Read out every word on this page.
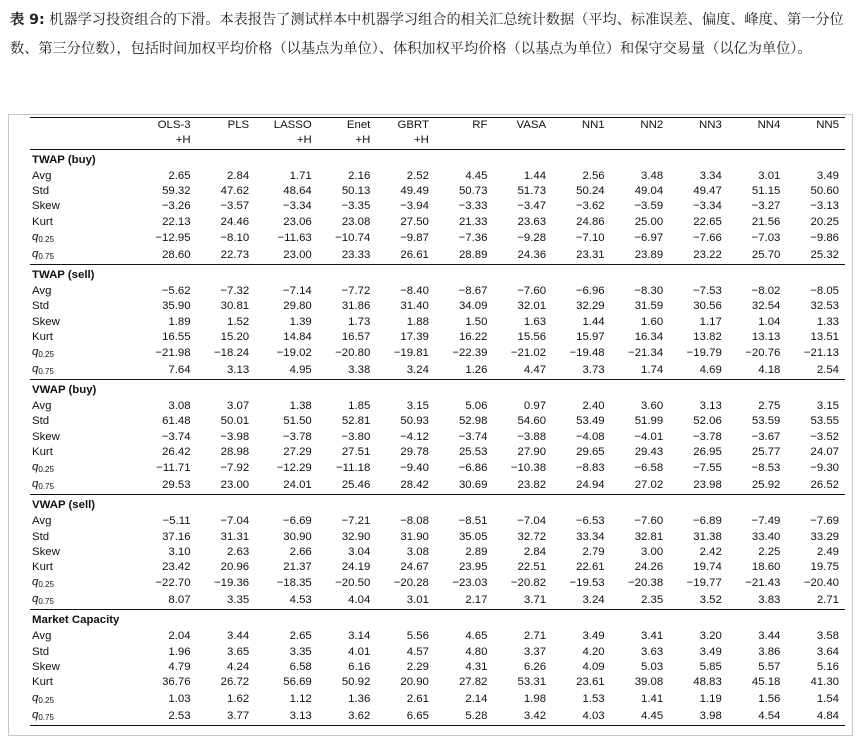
表 9: 机器学习投资组合的下滑。本表报告了测试样本中机器学习组合的相关汇总统计数据（平均、标准误差、偏度、峰度、第一分位数、第三分位数），包括时间加权平均价格（以基点为单位）、体积加权平均价格（以基点为单位）和保守交易量（以亿为单位）。
	OLS-3	PLS	LASSO	Enet	GBRT	RF	VASA	NN1	NN2	NN3	NN4	NN5
	+H		+H	+H	+H							
TWAP (buy)												
Avg	2.65	2.84	1.71	2.16	2.52	4.45	1.44	2.56	3.48	3.34	3.01	3.49
Std	59.32	47.62	48.64	50.13	49.49	50.73	51.73	50.24	49.04	49.47	51.15	50.60
Skew	−3.26	−3.57	−3.34	−3.35	−3.94	−3.33	−3.47	−3.62	−3.59	−3.34	−3.27	−3.13
Kurt	22.13	24.46	23.06	23.08	27.50	21.33	23.63	24.86	25.00	22.65	21.56	20.25
$q_{0.25}$	−12.95	−8.10	−11.63	−10.74	−9.87	−7.36	−9.28	−7.10	−6.97	−7.66	−7.03	−9.86
$q_{0.75}$	28.60	22.73	23.00	23.33	26.61	28.89	24.36	23.31	23.89	23.22	25.70	25.32
TWAP (sell)												
Avg	−5.62	−7.32	−7.14	−7.72	−8.40	−8.67	−7.60	−6.96	−8.30	−7.53	−8.02	−8.05
Std	35.90	30.81	29.80	31.86	31.40	34.09	32.01	32.29	31.59	30.56	32.54	32.53
Skew	1.89	1.52	1.39	1.73	1.88	1.50	1.63	1.44	1.60	1.17	1.04	1.33
Kurt	16.55	15.20	14.84	16.57	17.39	16.22	15.56	15.97	16.34	13.82	13.13	13.51
$q_{0.25}$	−21.98	−18.24	−19.02	−20.80	−19.81	−22.39	−21.02	−19.48	−21.34	−19.79	−20.76	−21.13
$q_{0.75}$	7.64	3.13	4.95	3.38	3.24	1.26	4.47	3.73	1.74	4.69	4.18	2.54
VWAP (buy)												
Avg	3.08	3.07	1.38	1.85	3.15	5.06	0.97	2.40	3.60	3.13	2.75	3.15
Std	61.48	50.01	51.50	52.81	50.93	52.98	54.60	53.49	51.99	52.06	53.59	53.55
Skew	−3.74	−3.98	−3.78	−3.80	−4.12	−3.74	−3.88	−4.08	−4.01	−3.78	−3.67	−3.52
Kurt	26.42	28.98	27.29	27.51	29.78	25.53	27.90	29.65	29.43	26.95	25.77	24.07
$q_{0.25}$	−11.71	−7.92	−12.29	−11.18	−9.40	−6.86	−10.38	−8.83	−6.58	−7.55	−8.53	−9.30
$q_{0.75}$	29.53	23.00	24.01	25.46	28.42	30.69	23.82	24.94	27.02	23.98	25.92	26.52
VWAP (sell)												
Avg	−5.11	−7.04	−6.69	−7.21	−8.08	−8.51	−7.04	−6.53	−7.60	−6.89	−7.49	−7.69
Std	37.16	31.31	30.90	32.90	31.90	35.05	32.72	33.34	32.81	31.38	33.40	33.29
Skew	3.10	2.63	2.66	3.04	3.08	2.89	2.84	2.79	3.00	2.42	2.25	2.49
Kurt	23.42	20.96	21.37	24.19	24.67	23.95	22.51	22.61	24.26	19.74	18.60	19.75
$q_{0.25}$	−22.70	−19.36	−18.35	−20.50	−20.28	−23.03	−20.82	−19.53	−20.38	−19.77	−21.43	−20.40
$q_{0.75}$	8.07	3.35	4.53	4.04	3.01	2.17	3.71	3.24	2.35	3.52	3.83	2.71
Market Capacity												
Avg	2.04	3.44	2.65	3.14	5.56	4.65	2.71	3.49	3.41	3.20	3.44	3.58
Std	1.96	3.65	3.35	4.01	4.57	4.80	3.37	4.20	3.63	3.49	3.86	3.64
Skew	4.79	4.24	6.58	6.16	2.29	4.31	6.26	4.09	5.03	5.85	5.57	5.16
Kurt	36.76	26.72	56.69	50.92	20.90	27.82	53.31	23.61	39.08	48.83	45.18	41.30
$q_{0.25}$	1.03	1.62	1.12	1.36	2.61	2.14	1.98	1.53	1.41	1.19	1.56	1.54
$q_{0.75}$	2.53	3.77	3.13	3.62	6.65	5.28	3.42	4.03	4.45	3.98	4.54	4.84
